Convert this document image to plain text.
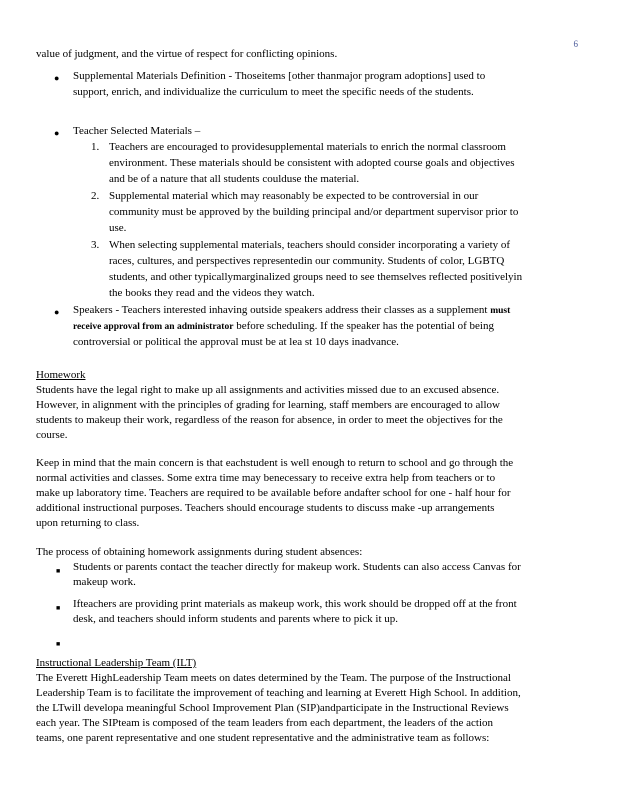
6
value of judgment, and the virtue of respect for conflicting opinions.
● Supplemental Materials Definition - Thoseitems [other thanmajor program adoptions] used to
support, enrich, and individualize the curriculum to meet the specific needs of the students.
● Teacher Selected Materials –
1. Teachers are encouraged to providesupplemental materials to enrich the normal classroom
environment. These materials should be consistent with adopted course goals and objectives
and be of a nature that all students coulduse the material.
2. Supplemental material which may reasonably be expected to be controversial in our
community must be approved by the building principal and/or department supervisor prior to
use.
3. When selecting supplemental materials, teachers should consider incorporating a variety of
races, cultures, and perspectives representedin our community. Students of color, LGBTQ
students, and other typicallymarginalized groups need to see themselves reflected positivelyin
the books they read and the videos they watch.
● Speakers - Teachers interested inhaving outside speakers address their classes as a supplement must
receive approval from an administrator before scheduling. If the speaker has the potential of being
controversial or political the approval must be at lea st 10 days inadvance.
Homework
Students have the legal right to make up all assignments and activities missed due to an excused absence.
However, in alignment with the principles of grading for learning, staff members are encouraged to allow
students to makeup their work, regardless of the reason for absence, in order to meet the objectives for the
course.
Keep in mind that the main concern is that eachstudent is well enough to return to school and go through the
normal activities and classes. Some extra time may benecessary to receive extra help from teachers or to
make up laboratory time. Teachers are required to be available before andafter school for one - half hour for
additional instructional purposes. Teachers should encourage students to discuss make -up arrangements
upon returning to class.
The process of obtaining homework assignments during student absences:
■ Students or parents contact the teacher directly for makeup work. Students can also access Canvas for
makeup work.
■ Ifteachers are providing print materials as makeup work, this work should be dropped off at the front
desk, and teachers should inform students and parents where to pick it up.
■
Instructional Leadership Team (ILT)
The Everett HighLeadership Team meets on dates determined by the Team. The purpose of the Instructional
Leadership Team is to facilitate the improvement of teaching and learning at Everett High School. In addition,
the LTwill developa meaningful School Improvement Plan (SIP)andparticipate in the Instructional Reviews
each year. The SIPteam is composed of the team leaders from each department, the leaders of the action
teams, one parent representative and one student representative and the administrative team as follows:
